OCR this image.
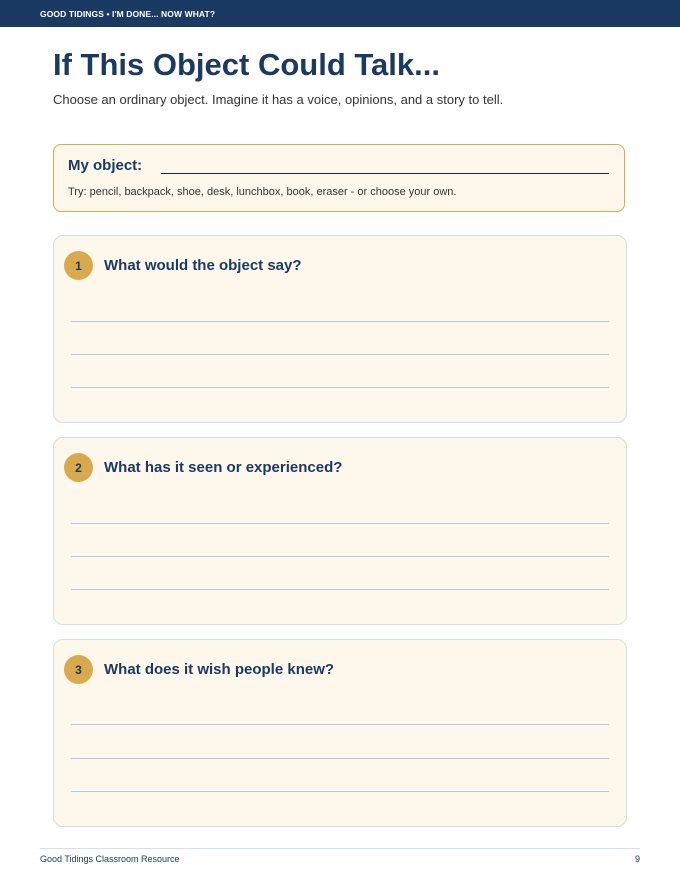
GOOD TIDINGS • I'M DONE... NOW WHAT?
If This Object Could Talk...
Choose an ordinary object. Imagine it has a voice, opinions, and a story to tell.
My object:
Try: pencil, backpack, shoe, desk, lunchbox, book, eraser - or choose your own.
1	What would the object say?
2	What has it seen or experienced?
3	What does it wish people knew?
Good Tidings Classroom Resource	9
